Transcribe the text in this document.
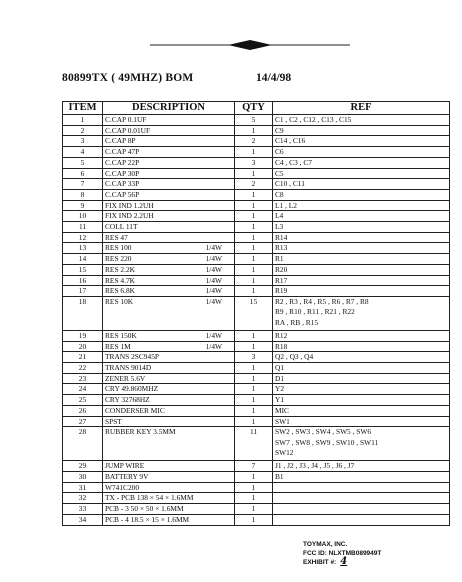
80899TX ( 49MHZ) BOM	14/4/98
ITEM	DESCRIPTION	QTY	REF
1	C.CAP 0.1UF	5	C1 , C2 , C12 , C13 , C15
2	C.CAP 0.01UF	1	C9
3	C.CAP 8P	2	C14 , C16
4	C.CAP 47P	1	C6
5	C.CAP 22P	3	C4 , C3 , C7
6	C.CAP 30P	1	C5
7	C.CAP 33P	2	C10 , C11
8	C.CAP 56P	1	C8
9	FIX IND 1.2UH	1	L1 , L2
10	FIX IND 2.2UH	1	L4
11	COLL 11T	1	L3
12	RES 47	1	R14
13	RES 100 1/4W	1	R13
14	RES 220 1/4W	1	R1
15	RES 2.2K 1/4W	1	R20
16	RES 4.7K 1/4W	1	R17
17	RES 6.8K 1/4W	1	R19
18	RES 10K 1/4W	15	R2 , R3 , R4 , R5 , R6 , R7 , R8
R9 , R10 , R11 , R21 , R22
RA , RB , R15

19	RES 150K 1/4W	1	R12
20	RES 1M 1/4W	1	R18
21	TRANS 2SC945P	3	Q2 , Q3 , Q4
22	TRANS 9014D	1	Q1
23	ZENER 5.6V	1	D1
24	CRY 49.860MHZ	1	Y2
25	CRY 32768HZ	1	Y1
26	CONDERSER MIC	1	MIC
27	SPST	1	SW1
28	RUBBER KEY 3.5MM	11	SW2 , SW3 , SW4 , SW5 , SW6
SW7 , SW8 , SW9 , SW10 , SW11
SW12

29	JUMP WIRE	7	J1 , J2 , J3 , J4 , J5 , J6 , J7
30	BATTERY 9V	1	B1
31	W741C200	1	
32	TX - PCB 138 × 54 × 1.6MM	1	
33	PCB - 3 50 × 50 × 1.6MM	1	
34	PCB - 4 18.5 × 15 × 1.6MM	1	
TOYMAX, INC.
FCC ID: NLXTMB089949T
EXHIBIT #: 4
